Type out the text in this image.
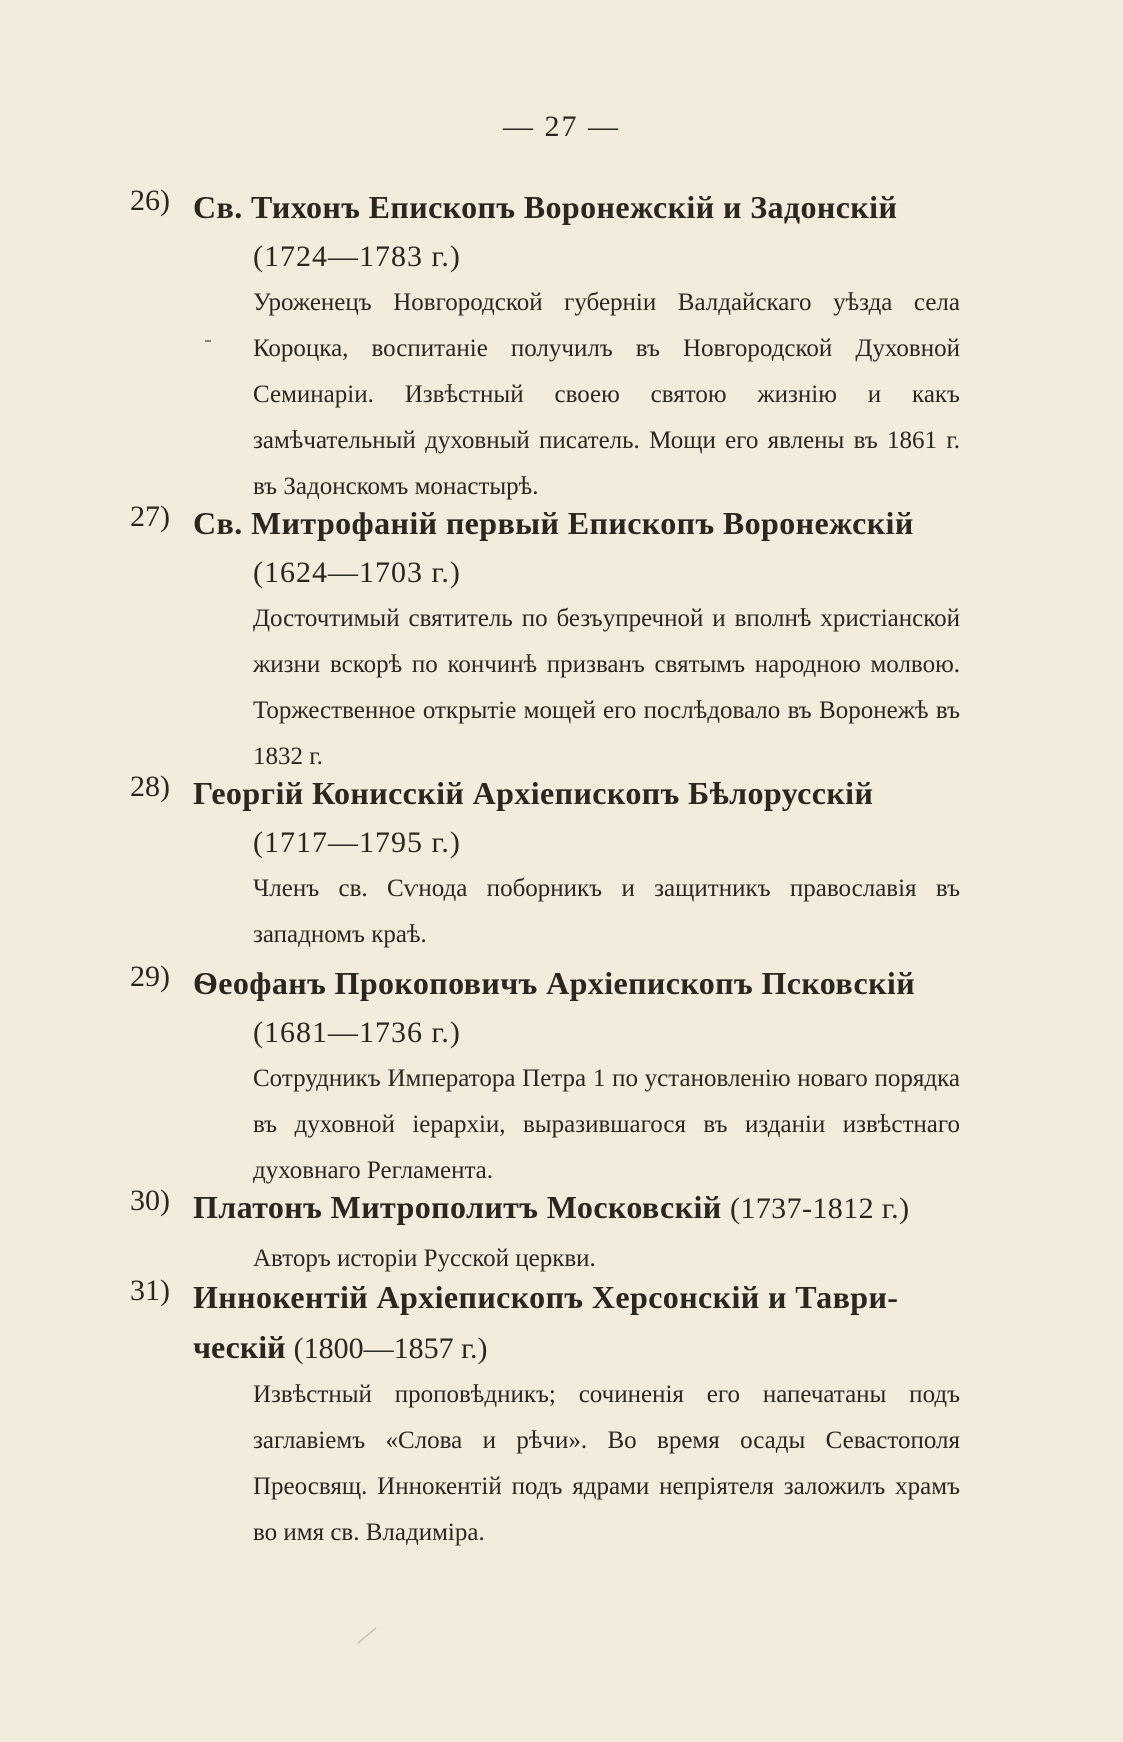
— 27 —
26) Св. Тихонъ Епископъ Воронежскій и Задонскій
(1724—1783 г.)
Уроженецъ Новгородской губерніи Валдайскаго уѣзда села Короцка, воспитаніе получилъ въ Новгородской Духовной Семинаріи. Извѣстный своею святою жизнію и какъ замѣчательный духовный писатель. Мощи его явлены въ 1861 г. въ Задонскомъ монастырѣ.
27) Св. Митрофаній первый Епископъ Воронежскій
(1624—1703 г.)
Досточтимый святитель по безъупречной и вполнѣ христіанской жизни вскорѣ по кончинѣ призванъ святымъ народною молвою. Торжественное открытіе мощей его послѣдовало въ Воронежѣ въ 1832 г.
28) Георгій Конисскій Архіепископъ Бѣлорусскій
(1717—1795 г.)
Членъ св. Сѵнода поборникъ и защитникъ православія въ западномъ краѣ.
29) Ѳеофанъ Прокоповичъ Архіепископъ Псковскій
(1681—1736 г.)
Сотрудникъ Императора Петра 1 по установленію новаго порядка въ духовной іерархіи, выразившагося въ изданіи извѣстнаго духовнаго Регламента.
30) Платонъ Митрополитъ Московскій (1737-1812 г.)
Авторъ исторіи Русской церкви.
31) Иннокентій Архіепископъ Херсонскій и Таври-
ческій (1800—1857 г.)
Извѣстный проповѣдникъ; сочиненія его напечатаны подъ заглавіемъ «Слова и рѣчи». Во время осады Севастополя Преосвящ. Иннокентій подъ ядрами непріятеля заложилъ храмъ во имя св. Владиміра.
